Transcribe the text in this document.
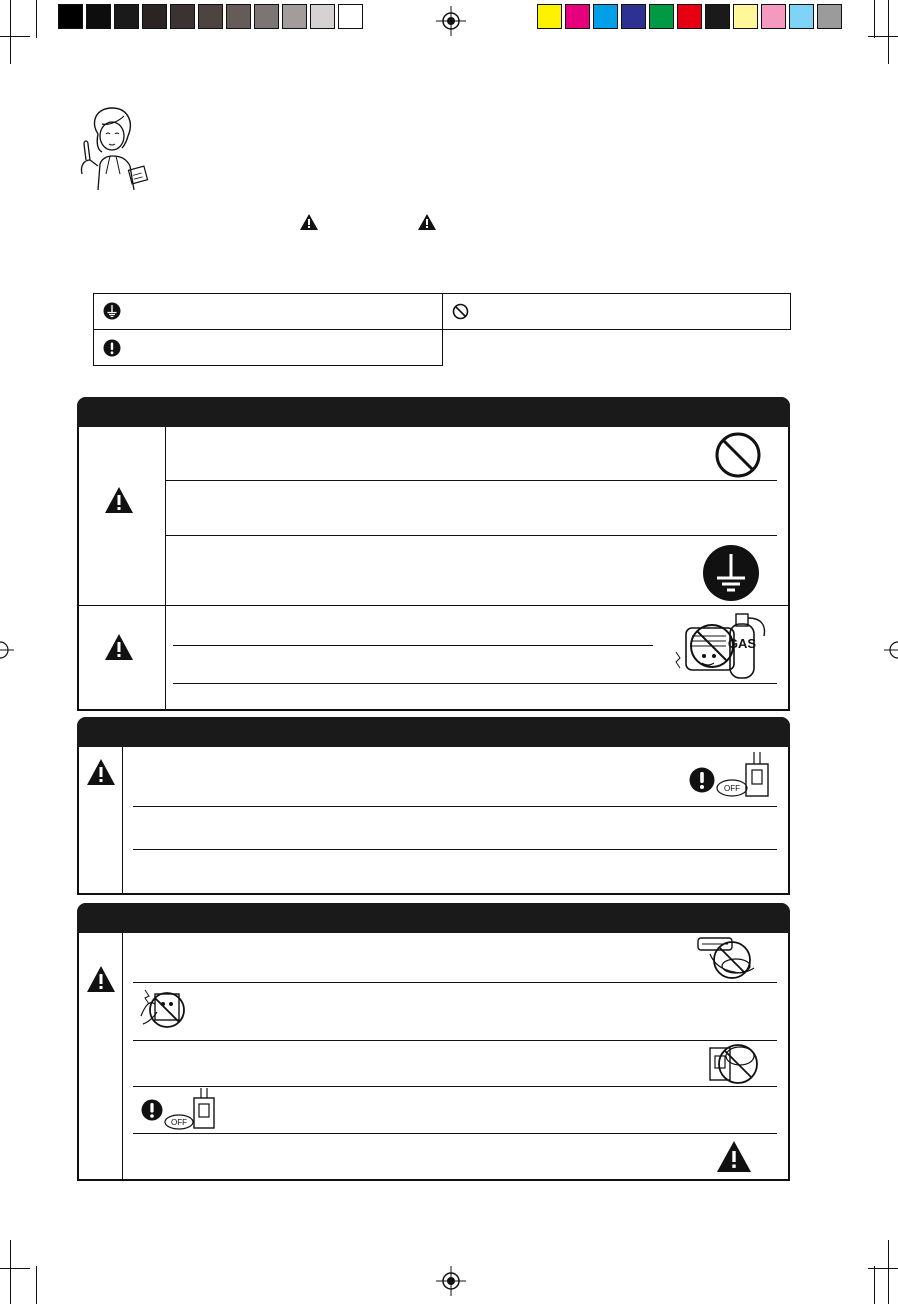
GAS
OFF
OFF
